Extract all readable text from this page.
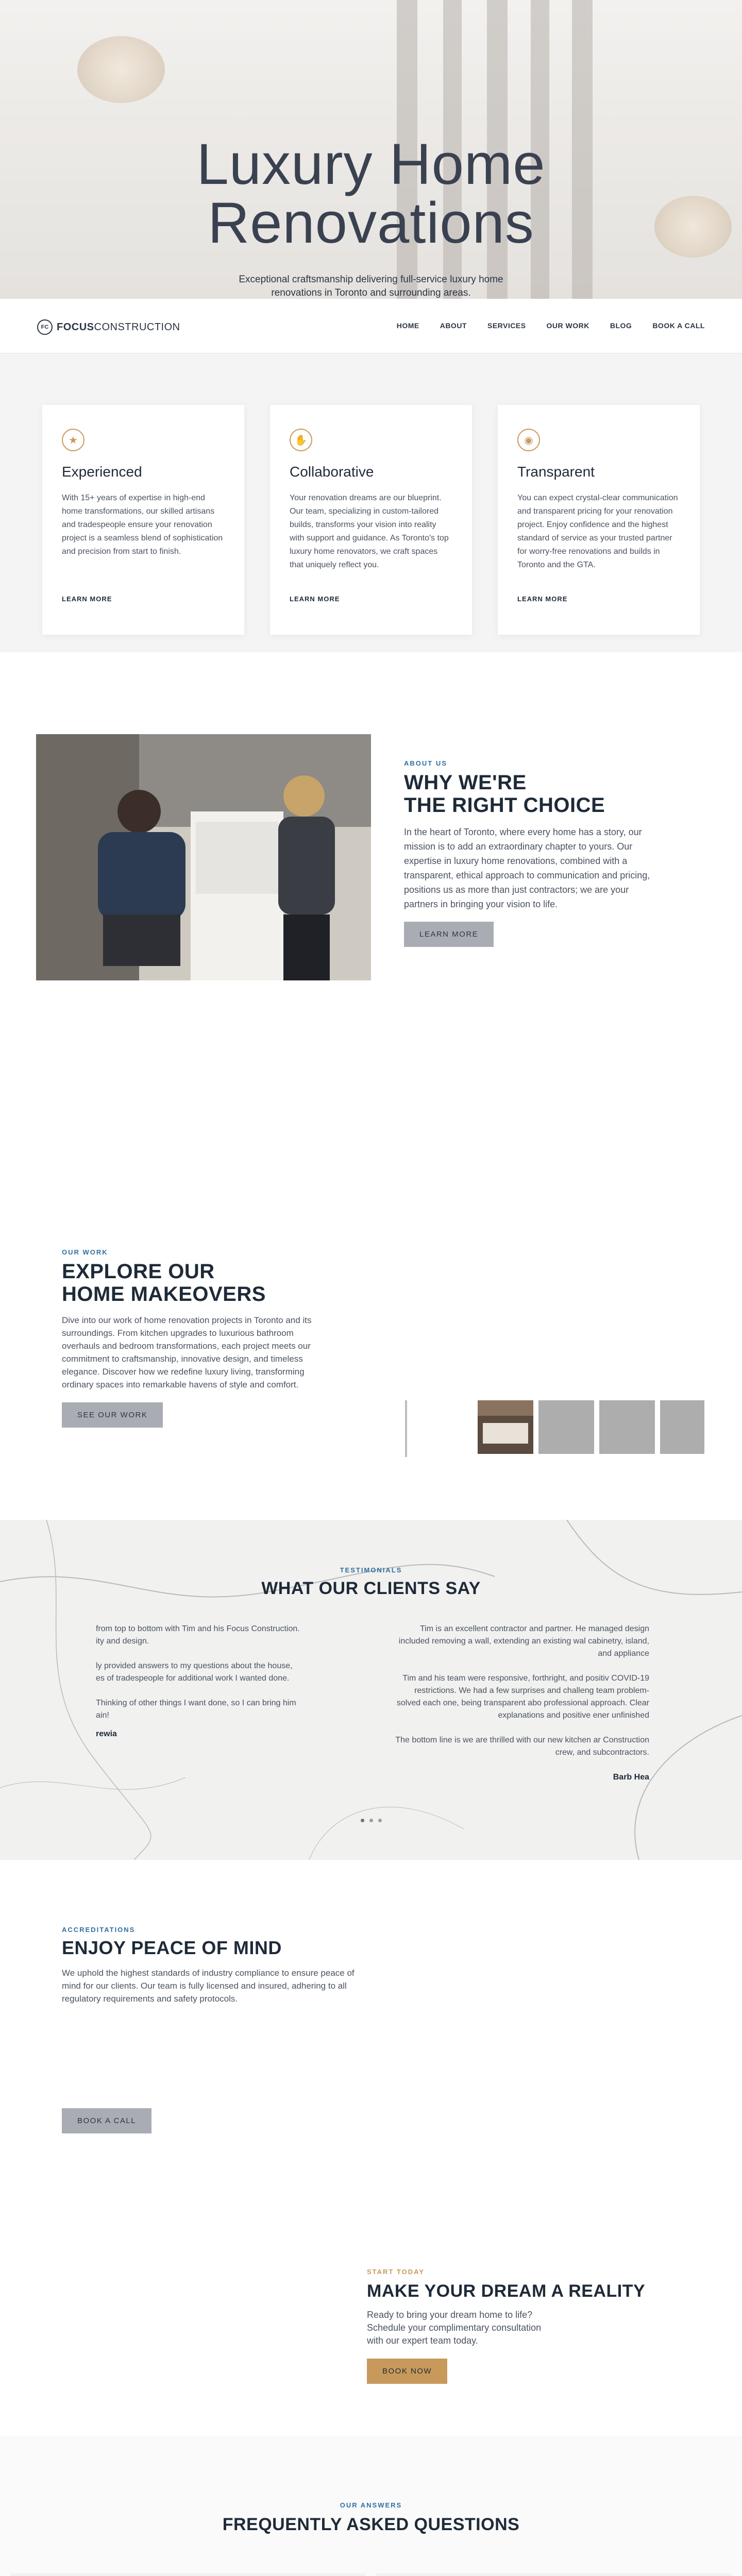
Luxury Home
Renovations

Exceptional craftsmanship delivering full-service luxury home renovations in Toronto and surrounding areas.

FC FOCUSCONSTRUCTION	HOME	ABOUT	SERVICES	OUR WORK	BLOG	BOOK A CALL
★
Experienced

With 15+ years of expertise in high-end home transformations, our skilled artisans and tradespeople ensure your renovation project is a seamless blend of sophistication and precision from start to finish.

LEARN MORE
✋
Collaborative

Your renovation dreams are our blueprint. Our team, specializing in custom-tailored builds, transforms your vision into reality with support and guidance. As Toronto's top luxury home renovators, we craft spaces that uniquely reflect you.

LEARN MORE
◉
Transparent

You can expect crystal-clear communication and transparent pricing for your renovation project. Enjoy confidence and the highest standard of service as your trusted partner for worry-free renovations and builds in Toronto and the GTA.

LEARN MORE
ABOUT US
WHY WE'RE
THE RIGHT CHOICE

In the heart of Toronto, where every home has a story, our mission is to add an extraordinary chapter to yours. Our expertise in luxury home renovations, combined with a transparent, ethical approach to communication and pricing, positions us as more than just contractors; we are your partners in bringing your vision to life.

LEARN MORE
OUR WORK
EXPLORE OUR
HOME MAKEOVERS

Dive into our work of home renovation projects in Toronto and its surroundings. From kitchen upgrades to luxurious bathroom overhauls and bedroom transformations, each project meets our commitment to craftsmanship, innovative design, and timeless elegance. Discover how we redefine luxury living, transforming ordinary spaces into remarkable havens of style and comfort.

SEE OUR WORK
TESTIMONIALS
WHAT OUR CLIENTS SAY

from top to bottom with Tim and his Focus Construction.

ity and design.

ly provided answers to my questions about the house,

es of tradespeople for additional work I wanted done.

Thinking of other things I want done, so I can bring him

ain!

rewia

Tim is an excellent contractor and partner. He managed design included removing a wall, extending an existing wal cabinetry, island, and appliance

Tim and his team were responsive, forthright, and positiv COVID-19 restrictions. We had a few surprises and challeng team problem-solved each one, being transparent abo professional approach. Clear explanations and positive ener unfinished

The bottom line is we are thrilled with our new kitchen ar Construction crew, and subcontractors.

Barb Hea

ACCREDITATIONS
ENJOY PEACE OF MIND

We uphold the highest standards of industry compliance to ensure peace of mind for our clients. Our team is fully licensed and insured, adhering to all regulatory requirements and safety protocols.

BOOK A CALL
START TODAY
MAKE YOUR DREAM A REALITY

Ready to bring your dream home to life?
Schedule your complimentary consultation
with our expert team today.

BOOK NOW
OUR ANSWERS
FREQUENTLY ASKED QUESTIONS
